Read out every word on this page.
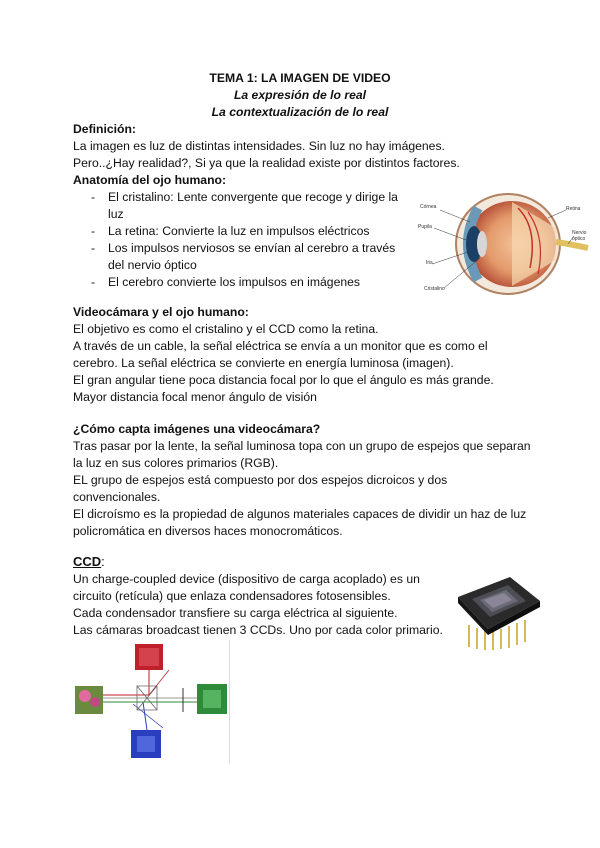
TEMA 1: LA IMAGEN DE VIDEO
La expresión de lo real
La contextualización de lo real
Definición:
La imagen es luz de distintas intensidades. Sin luz no hay imágenes.
Pero..¿Hay realidad?, Si ya que la realidad existe por distintos factores.
Anatomía del ojo humano:
- El cristalino: Lente convergente que recoge y dirige la
luz
- La retina: Convierte la luz en impulsos eléctricos
- Los impulsos nerviosos se envían al cerebro a través
del nervio óptico
- El cerebro convierte los impulsos en imágenes
Córnea
Pupila
Iris
Cristalino
Retina
Nervio óptico
Videocámara y el ojo humano:
El objetivo es como el cristalino y el CCD como la retina.
A través de un cable, la señal eléctrica se envía a un monitor que es como el
cerebro. La señal eléctrica se convierte en energía luminosa (imagen).
El gran angular tiene poca distancia focal por lo que el ángulo es más grande.
Mayor distancia focal menor ángulo de visión
¿Cómo capta imágenes una videocámara?
Tras pasar por la lente, la señal luminosa topa con un grupo de espejos que separan
la luz en sus colores primarios (RGB).
EL grupo de espejos está compuesto por dos espejos dicroicos y dos
convencionales.
El dicroísmo es la propiedad de algunos materiales capaces de dividir un haz de luz
policromática en diversos haces monocromáticos.
CCD:
Un charge-coupled device (dispositivo de carga acoplado) es un
circuito (retícula) que enlaza condensadores fotosensibles.
Cada condensador transfiere su carga eléctrica al siguiente.
Las cámaras broadcast tienen 3 CCDs. Uno por cada color primario.
